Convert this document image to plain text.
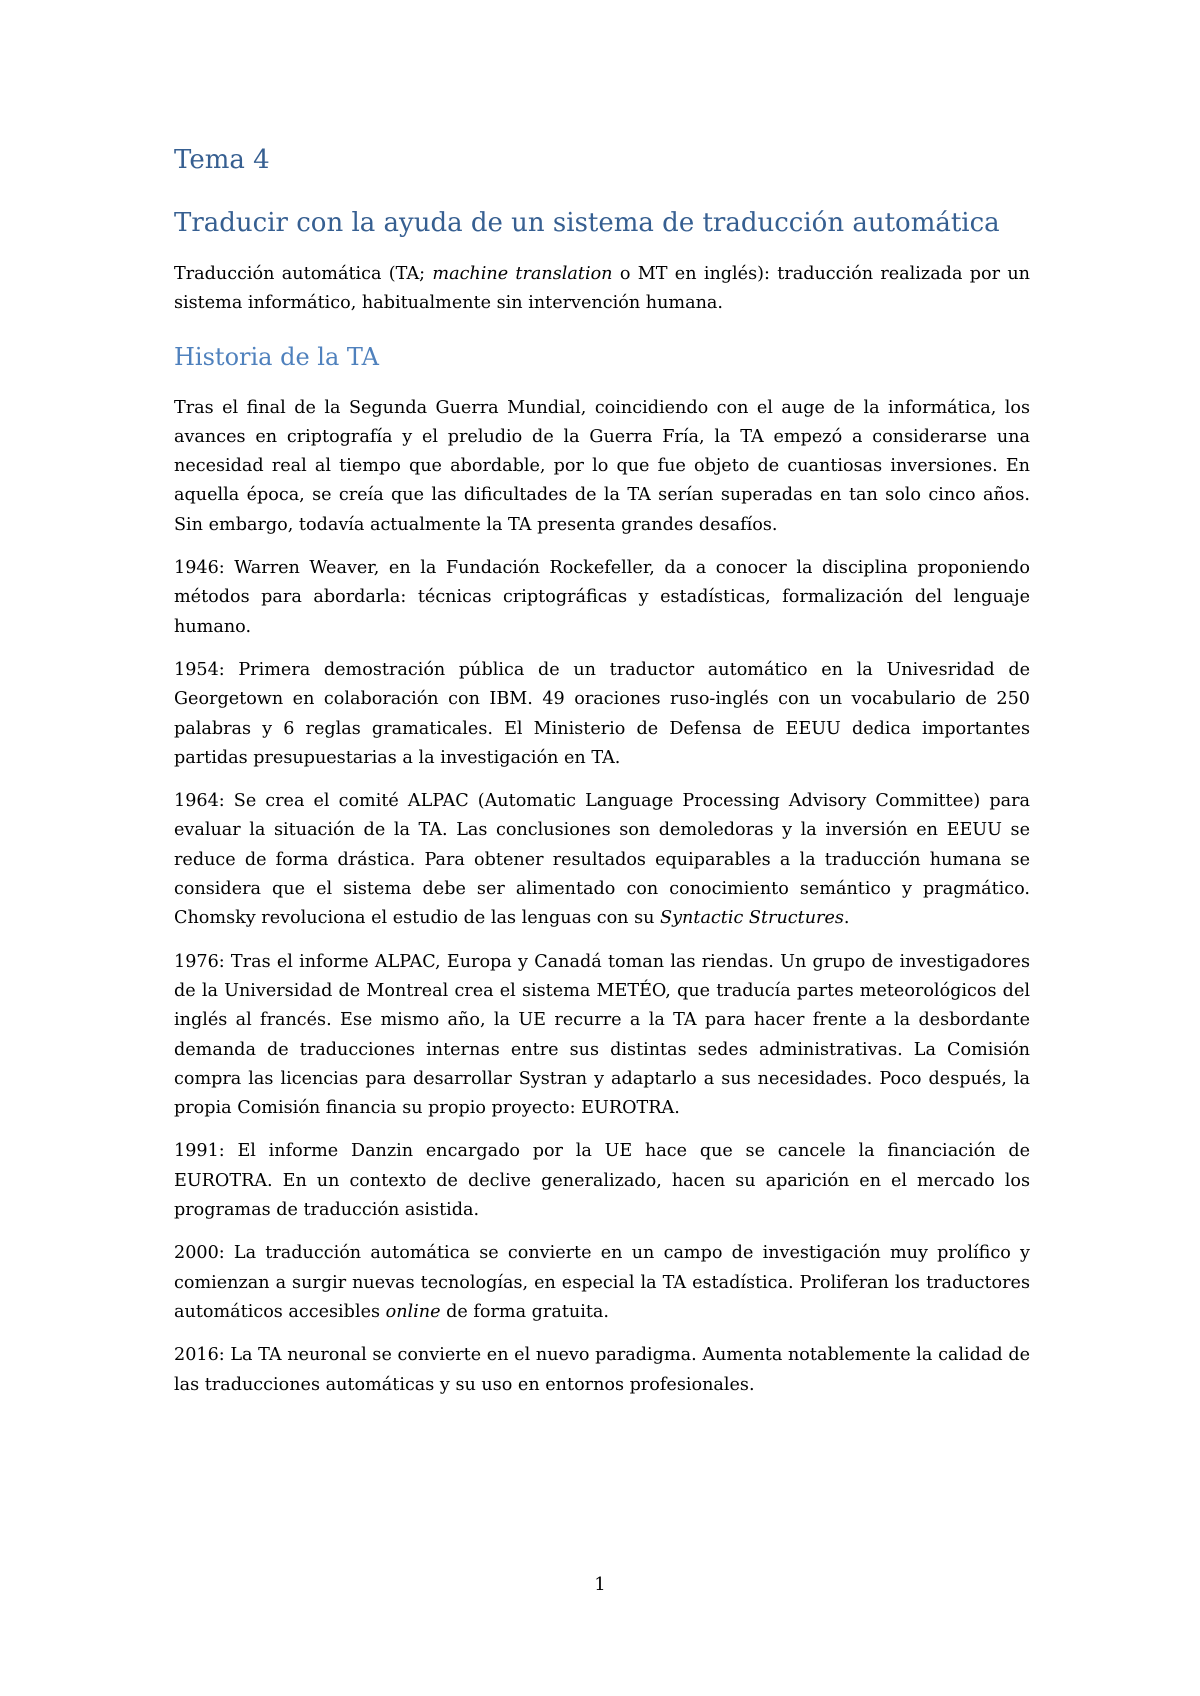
Tema 4
Traducir con la ayuda de un sistema de traducción automática

Traducción automática (TA; machine translation o MT en inglés): traducción realizada por un sistema informático, habitualmente sin intervención humana.

Historia de la TA

Tras el final de la Segunda Guerra Mundial, coincidiendo con el auge de la informática, los avances en criptografía y el preludio de la Guerra Fría, la TA empezó a considerarse una necesidad real al tiempo que abordable, por lo que fue objeto de cuantiosas inversiones. En aquella época, se creía que las dificultades de la TA serían superadas en tan solo cinco años. Sin embargo, todavía actualmente la TA presenta grandes desafíos.

1946: Warren Weaver, en la Fundación Rockefeller, da a conocer la disciplina proponiendo métodos para abordarla: técnicas criptográficas y estadísticas, formalización del lenguaje humano.

1954: Primera demostración pública de un traductor automático en la Univesridad de Georgetown en colaboración con IBM. 49 oraciones ruso-inglés con un vocabulario de 250 palabras y 6 reglas gramaticales. El Ministerio de Defensa de EEUU dedica importantes partidas presupuestarias a la investigación en TA.

1964: Se crea el comité ALPAC (Automatic Language Processing Advisory Committee) para evaluar la situación de la TA. Las conclusiones son demoledoras y la inversión en EEUU se reduce de forma drástica. Para obtener resultados equiparables a la traducción humana se considera que el sistema debe ser alimentado con conocimiento semántico y pragmático. Chomsky revoluciona el estudio de las lenguas con su Syntactic Structures.

1976: Tras el informe ALPAC, Europa y Canadá toman las riendas. Un grupo de investigadores de la Universidad de Montreal crea el sistema METÉO, que traducía partes meteorológicos del inglés al francés. Ese mismo año, la UE recurre a la TA para hacer frente a la desbordante demanda de traducciones internas entre sus distintas sedes administrativas. La Comisión compra las licencias para desarrollar Systran y adaptarlo a sus necesidades. Poco después, la propia Comisión financia su propio proyecto: EUROTRA.

1991: El informe Danzin encargado por la UE hace que se cancele la financiación de EUROTRA. En un contexto de declive generalizado, hacen su aparición en el mercado los programas de traducción asistida.

2000: La traducción automática se convierte en un campo de investigación muy prolífico y comienzan a surgir nuevas tecnologías, en especial la TA estadística. Proliferan los traductores automáticos accesibles online de forma gratuita.

2016: La TA neuronal se convierte en el nuevo paradigma. Aumenta notablemente la calidad de las traducciones automáticas y su uso en entornos profesionales.

1
